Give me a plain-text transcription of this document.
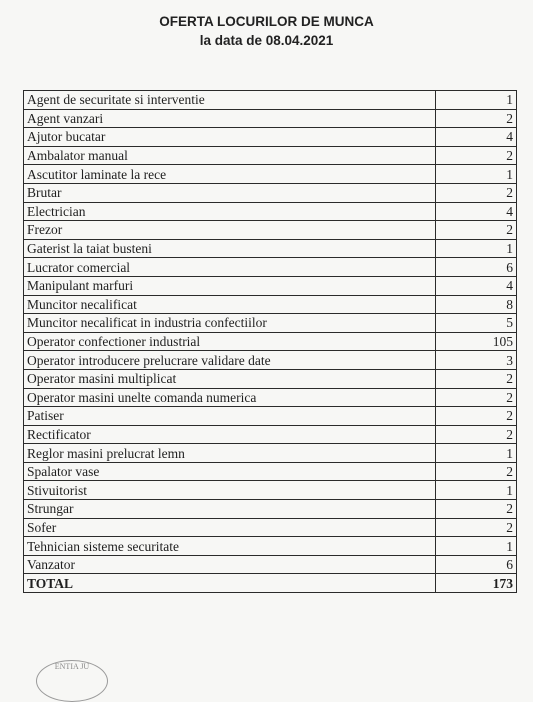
OFERTA LOCURILOR DE MUNCA
la data de 08.04.2021
Agent de securitate si interventie	1
Agent vanzari	2
Ajutor bucatar	4
Ambalator manual	2
Ascutitor laminate la rece	1
Brutar	2
Electrician	4
Frezor	2
Gaterist la taiat busteni	1
Lucrator comercial	6
Manipulant marfuri	4
Muncitor necalificat	8
Muncitor necalificat in industria confectiilor	5
Operator confectioner industrial	105
Operator introducere prelucrare validare date	3
Operator masini multiplicat	2
Operator masini unelte comanda numerica	2
Patiser	2
Rectificator	2
Reglor masini prelucrat lemn	1
Spalator vase	2
Stivuitorist	1
Strungar	2
Sofer	2
Tehnician sisteme securitate	1
Vanzator	6
TOTAL	173
ENTIA JU
